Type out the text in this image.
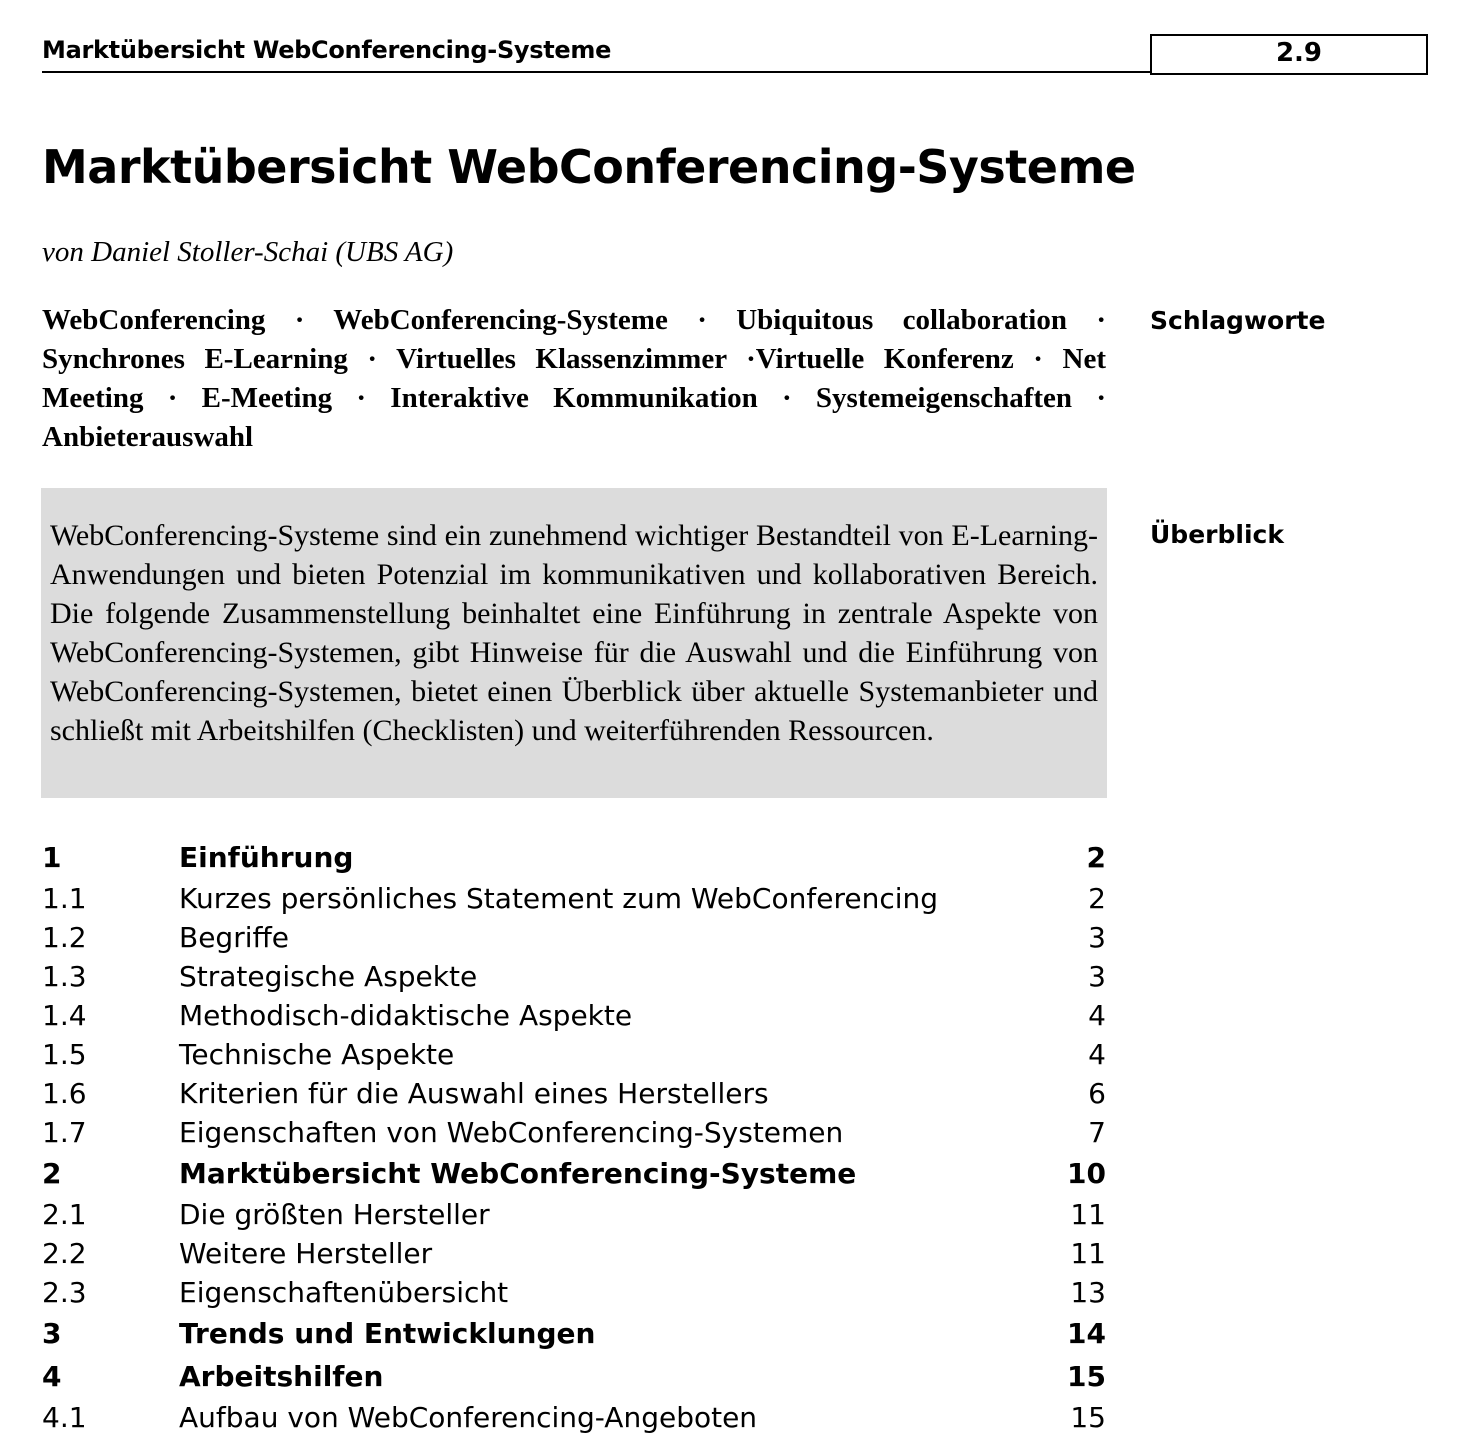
Marktübersicht WebConferencing-Systeme	2.9
Marktübersicht WebConferencing-Systeme
von Daniel Stoller-Schai (UBS AG)
WebConferencing · WebConferencing-Systeme · Ubiquitous collaboration · Synchrones E-Learning · Virtuelles Klassenzimmer ·Virtuelle Konferenz · Net Meeting · E-Meeting · Interaktive Kommunikation · Systemeigenschaften · Anbieterauswahl
Schlagworte

WebConferencing-Systeme sind ein zunehmend wichtiger Bestandteil von E-Learning-Anwendungen und bieten Potenzial im kommunikativen und kollaborativen Bereich. Die folgende Zusammenstellung beinhaltet eine Einführung in zentrale Aspekte von WebConferencing-Systemen, gibt Hinweise für die Auswahl und die Einführung von WebConferencing-Systemen, bietet einen Überblick über aktuelle Systemanbieter und schließt mit Arbeitshilfen (Checklisten) und weiterführenden Ressourcen.

Überblick
1	Einführung	2
1.1	Kurzes persönliches Statement zum WebConferencing	2
1.2	Begriffe	3
1.3	Strategische Aspekte	3
1.4	Methodisch-didaktische Aspekte	4
1.5	Technische Aspekte	4
1.6	Kriterien für die Auswahl eines Herstellers	6
1.7	Eigenschaften von WebConferencing-Systemen	7
2	Marktübersicht WebConferencing-Systeme	10
2.1	Die größten Hersteller	11
2.2	Weitere Hersteller	11
2.3	Eigenschaftenübersicht	13
3	Trends und Entwicklungen	14
4	Arbeitshilfen	15
4.1	Aufbau von WebConferencing-Angeboten	15
